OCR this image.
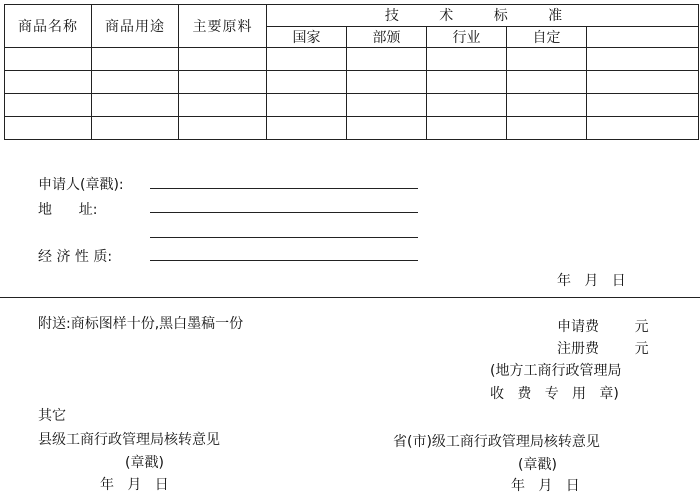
商品名称	商品用途	主要原料	技 术 标 准				
			国家	部颁	行业	自定	

申请人(章戳):
地      址:
经 济 性 质:
年   月   日
附送:商标图样十份,黑白墨稿一份	申请费        元
注册费        元
(地方工商行政管理局
收   费   专   用   章)
其它
县级工商行政管理局核转意见
(章戳)
年   月   日
省(市)级工商行政管理局核转意见
(章戳)
年   月   日
